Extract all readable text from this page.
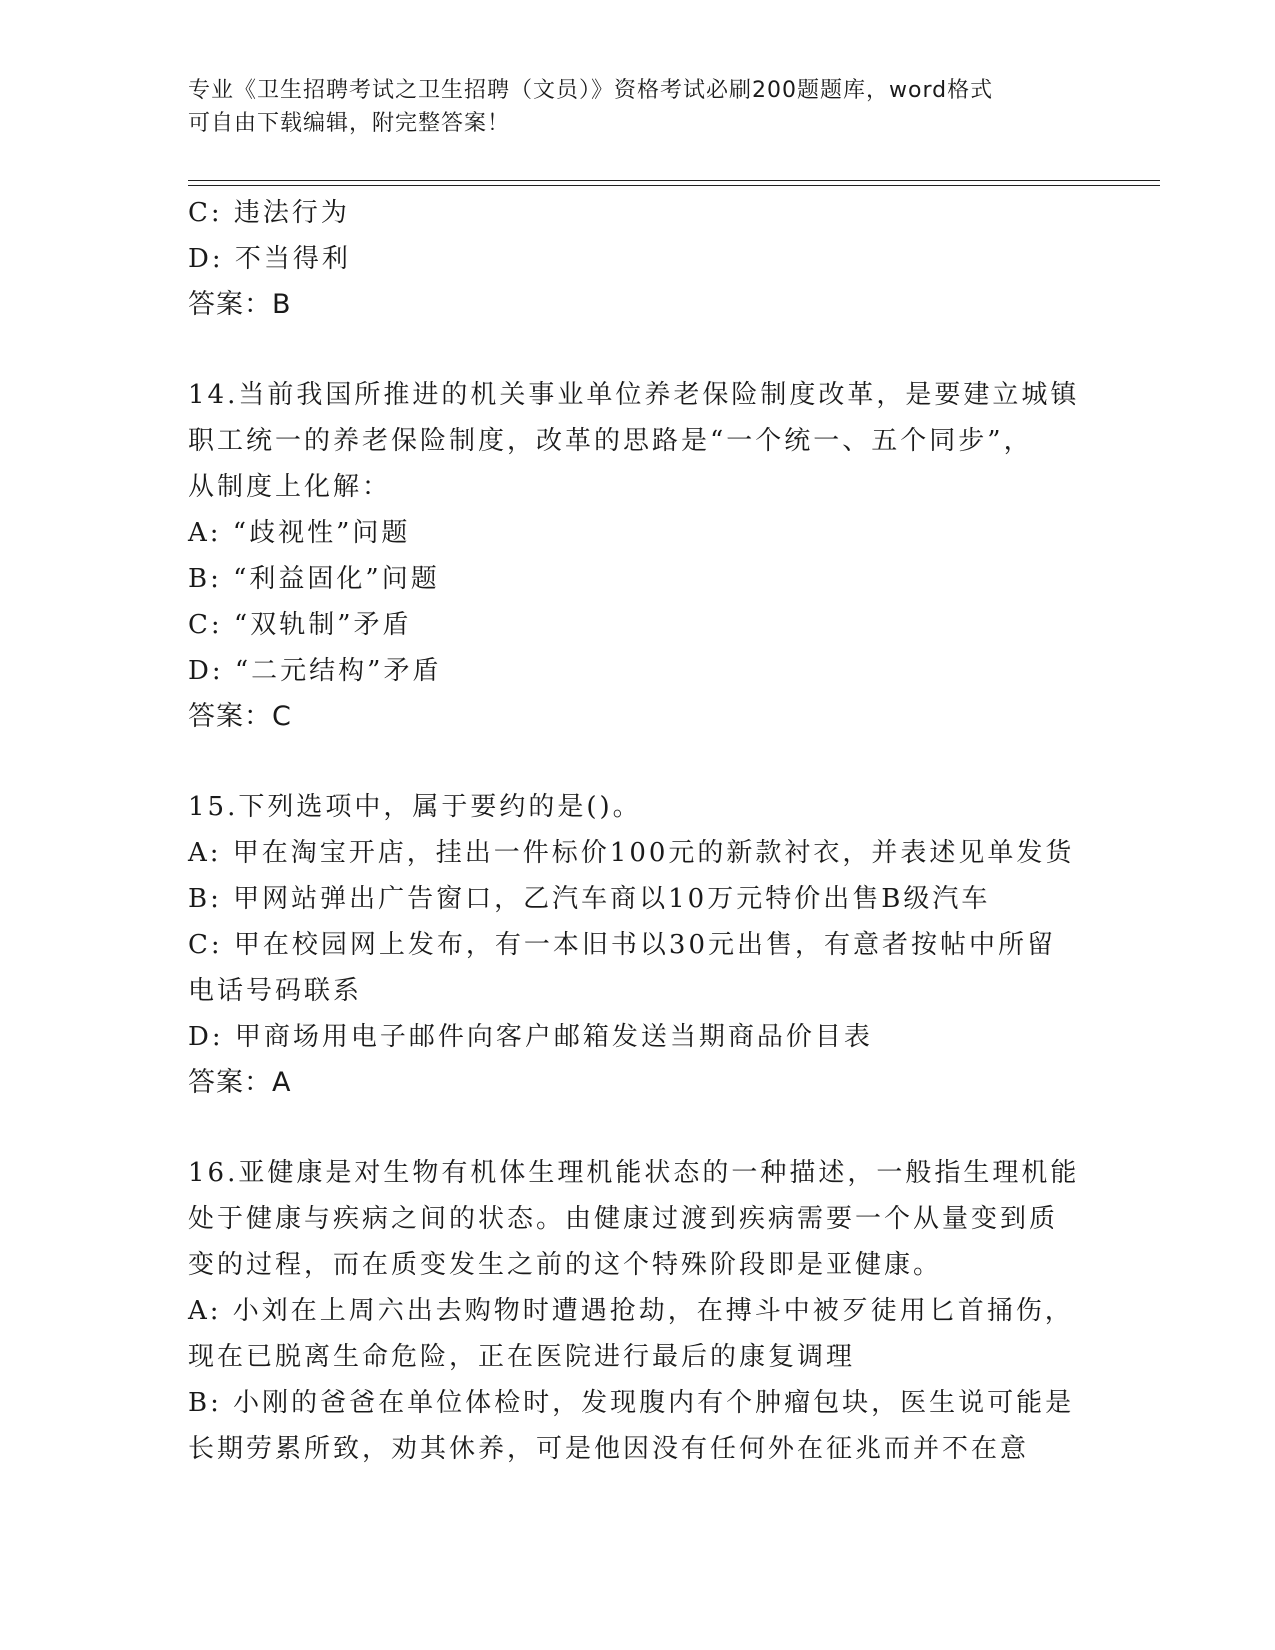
专业《卫生招聘考试之卫生招聘（文员）》资格考试必刷200题题库，word格式
可自由下载编辑，附完整答案！
C: 违法行为
D: 不当得利
答案：B
14.当前我国所推进的机关事业单位养老保险制度改革，是要建立城镇
职工统一的养老保险制度，改革的思路是“一个统一、五个同步”，
从制度上化解：
A: “歧视性”问题
B: “利益固化”问题
C: “双轨制”矛盾
D: “二元结构”矛盾
答案：C
15.下列选项中，属于要约的是()。
A: 甲在淘宝开店，挂出一件标价100元的新款衬衣，并表述见单发货
B: 甲网站弹出广告窗口，乙汽车商以10万元特价出售B级汽车
C: 甲在校园网上发布，有一本旧书以30元出售，有意者按帖中所留
电话号码联系
D: 甲商场用电子邮件向客户邮箱发送当期商品价目表
答案：A
16.亚健康是对生物有机体生理机能状态的一种描述，一般指生理机能
处于健康与疾病之间的状态。由健康过渡到疾病需要一个从量变到质
变的过程，而在质变发生之前的这个特殊阶段即是亚健康。
A: 小刘在上周六出去购物时遭遇抢劫，在搏斗中被歹徒用匕首捅伤，
现在已脱离生命危险，正在医院进行最后的康复调理
B: 小刚的爸爸在单位体检时，发现腹内有个肿瘤包块，医生说可能是
长期劳累所致，劝其休养，可是他因没有任何外在征兆而并不在意
